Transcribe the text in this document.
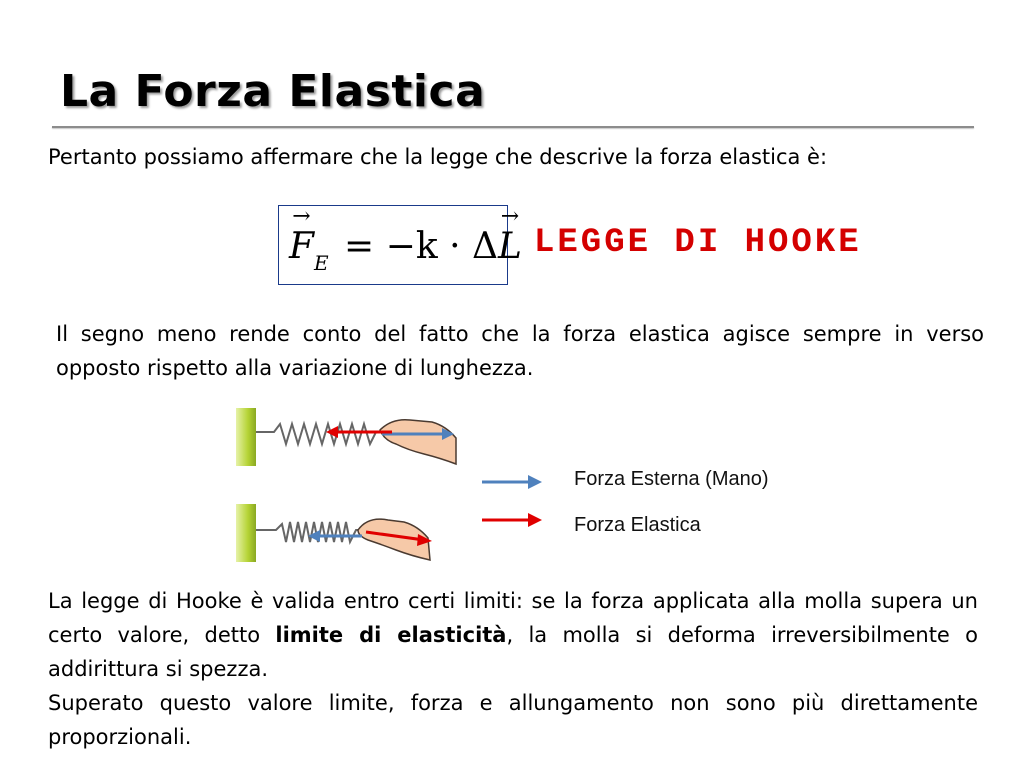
La Forza Elastica
Pertanto possiamo affermare che la legge che descrive la forza elastica è:
→ $F_E = -k \cdot \Delta\to L$ LEGGE DI HOOKE
Il segno meno rende conto del fatto che la forza elastica agisce sempre in verso opposto rispetto alla variazione di lunghezza.
Forza Esterna (Mano)
Forza Elastica
La legge di Hooke è valida entro certi limiti: se la forza applicata alla molla supera un certo valore, detto limite di elasticità, la molla si deforma irreversibilmente o addirittura si spezza.
Superato questo valore limite, forza e allungamento non sono più direttamente proporzionali.
